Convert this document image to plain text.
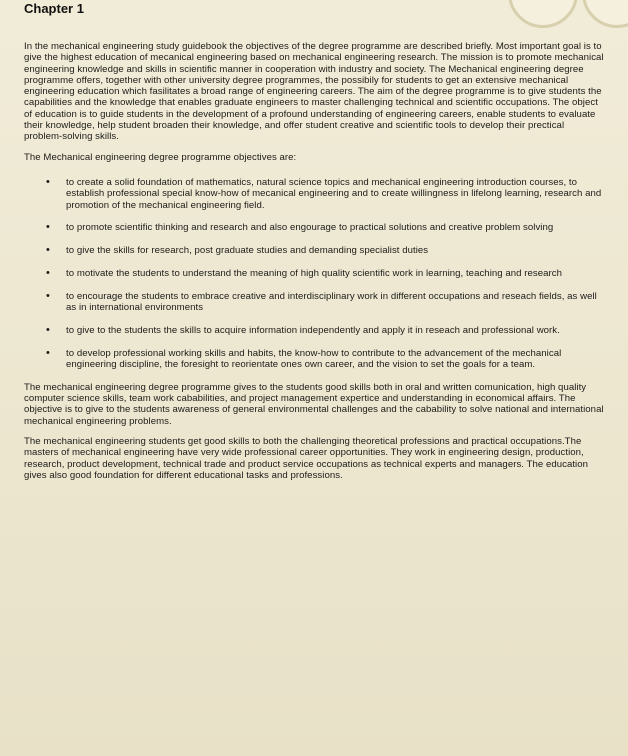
Chapter 1

In the mechanical engineering study guidebook the objectives of the degree programme are described briefly. Most important goal is to give the highest education of mecanical engineering based on mechanical engineering research. The mission is to promote mechanical engineering knowledge and skills in scientific manner in cooperation with industry and society. The Mechanical engineering degree programme offers, together with other university degree programmes, the possibily for students to get an extensive mechanical engineering education which fasilitates a broad range of engineering careers. The aim of the degree programme is to give students the capabilities and the knowledge that enables graduate engineers to master challenging technical and scientific occupations. The object of education is to guide students in the development of a profound understanding of engineering careers, enable students to evaluate their knowledge, help student broaden their knowledge, and offer student creative and scientific tools to develop their prectical problem-solving skills.

The Mechanical engineering degree programme objectives are:

• to create a solid foundation of mathematics, natural science topics and mechanical engineering introduction courses, to establish professional special know-how of mecanical engineering and to create willingness in lifelong learning, research and promotion of the mechanical engineering field.
• to promote scientific thinking and research and also engourage to practical solutions and creative problem solving
• to give the skills for research, post graduate studies and demanding specialist duties
• to motivate the students to understand the meaning of high quality scientific work in learning, teaching and research
• to encourage the students to embrace creative and interdisciplinary work in different occupations and reseach fields, as well as in international environments
• to give to the students the skills to acquire information independently and apply it in reseach and professional work.
• to develop professional working skills and habits, the know-how to contribute to the advancement of the mechanical engineering discipline, the foresight to reorientate ones own career, and the vision to set the goals for a team.

The mechanical engineering degree programme gives to the students good skills both in oral and written comunication, high quality computer science skills, team work cababilities, and project management expertice and understanding in economical affairs. The objective is to give to the students awareness of general environmental challenges and the cabability to solve national and international mechanical engineering problems.

The mechanical engineering students get good skills to both the challenging theoretical professions and practical occupations.The masters of mechanical engineering have very wide professional career opportunities. They work in engineering design, production, research, product development, technical trade and product service occupations as technical experts and managers. The education gives also good foundation for different educational tasks and professions.
